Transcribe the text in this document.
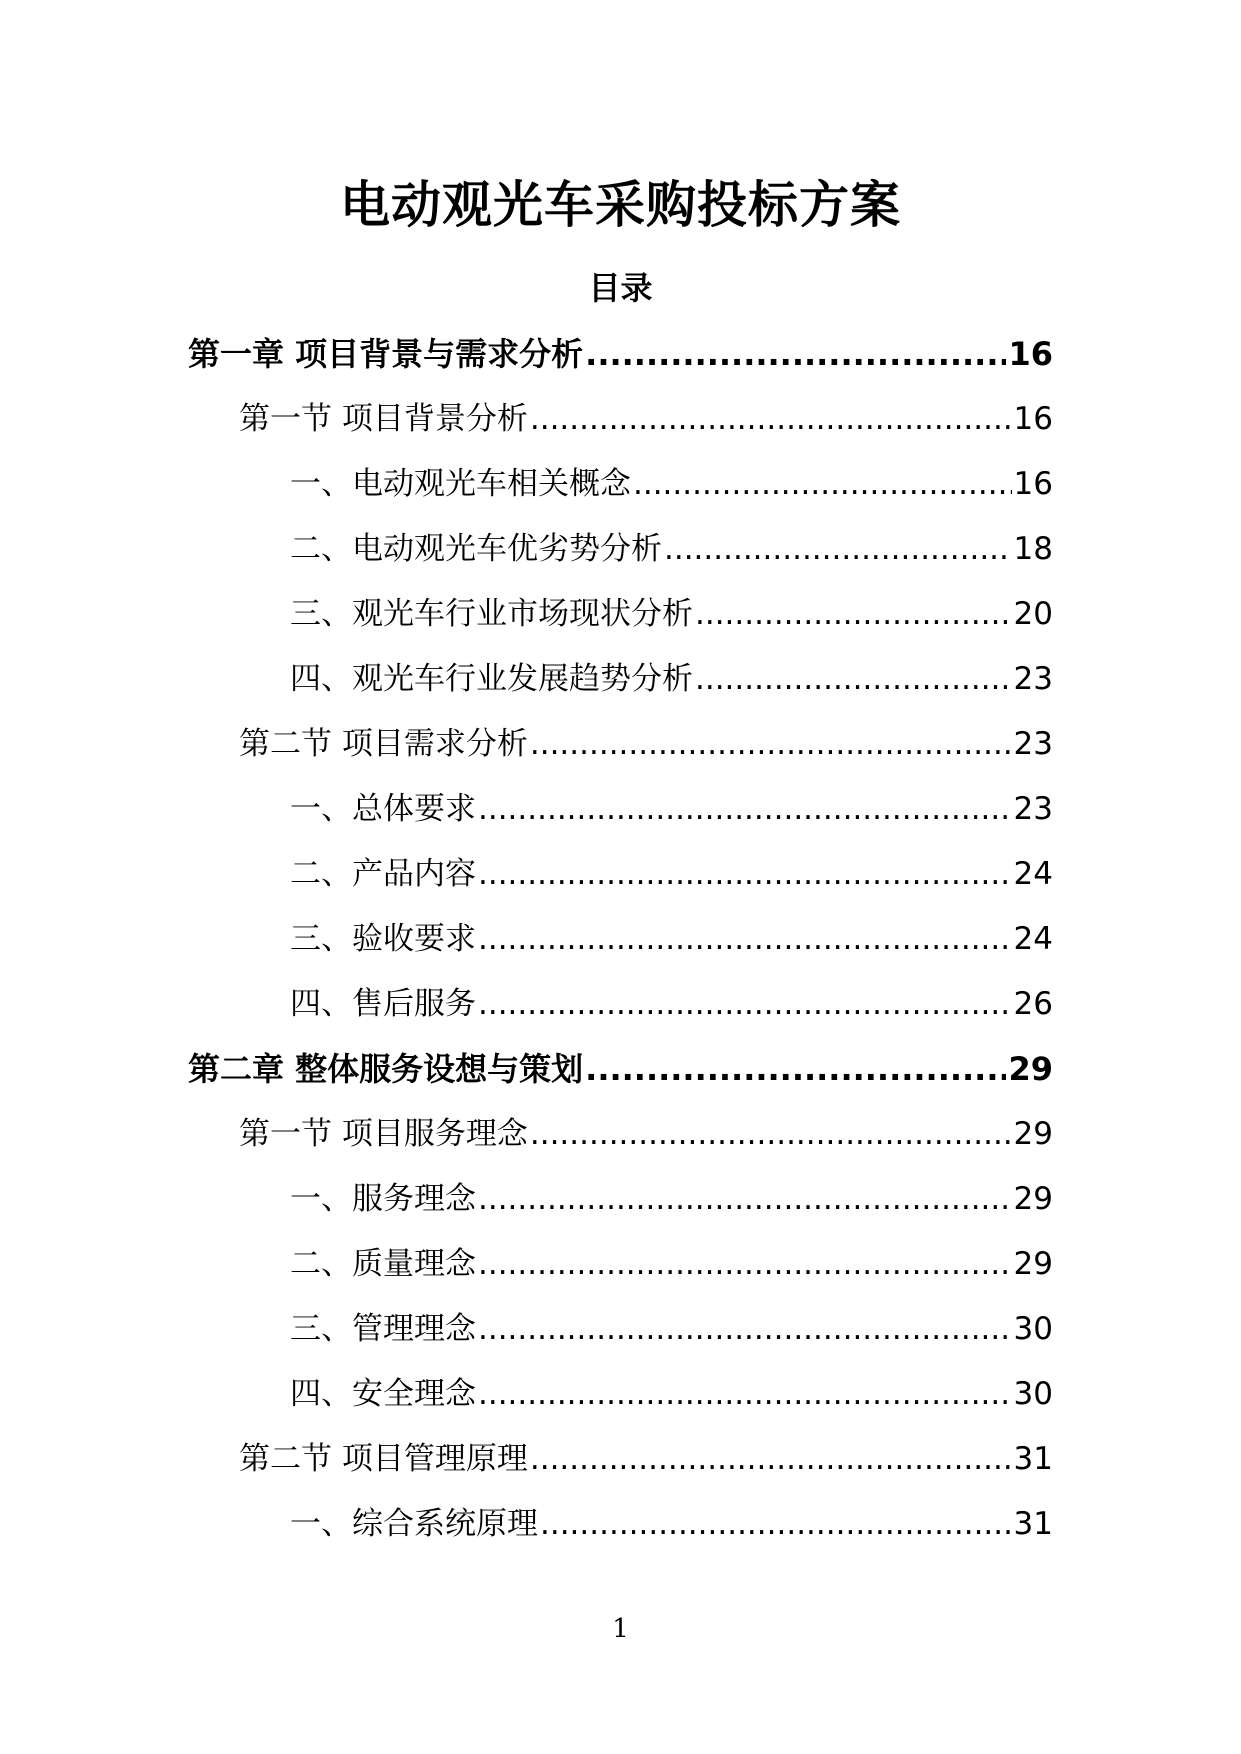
电动观光车采购投标方案
目录
第一章 项目背景与需求分析 .....	16
第一节 项目背景分析 .....	16
一、电动观光车相关概念 .....	16
二、电动观光车优劣势分析 .....	18
三、观光车行业市场现状分析 .....	20
四、观光车行业发展趋势分析 .....	23
第二节 项目需求分析 .....	23
一、总体要求 .....	23
二、产品内容 .....	24
三、验收要求 .....	24
四、售后服务 .....	26
第二章 整体服务设想与策划 .....	29
第一节 项目服务理念 .....	29
一、服务理念 .....	29
二、质量理念 .....	29
三、管理理念 .....	30
四、安全理念 .....	30
第二节 项目管理原理 .....	31
一、综合系统原理 .....	31
1
